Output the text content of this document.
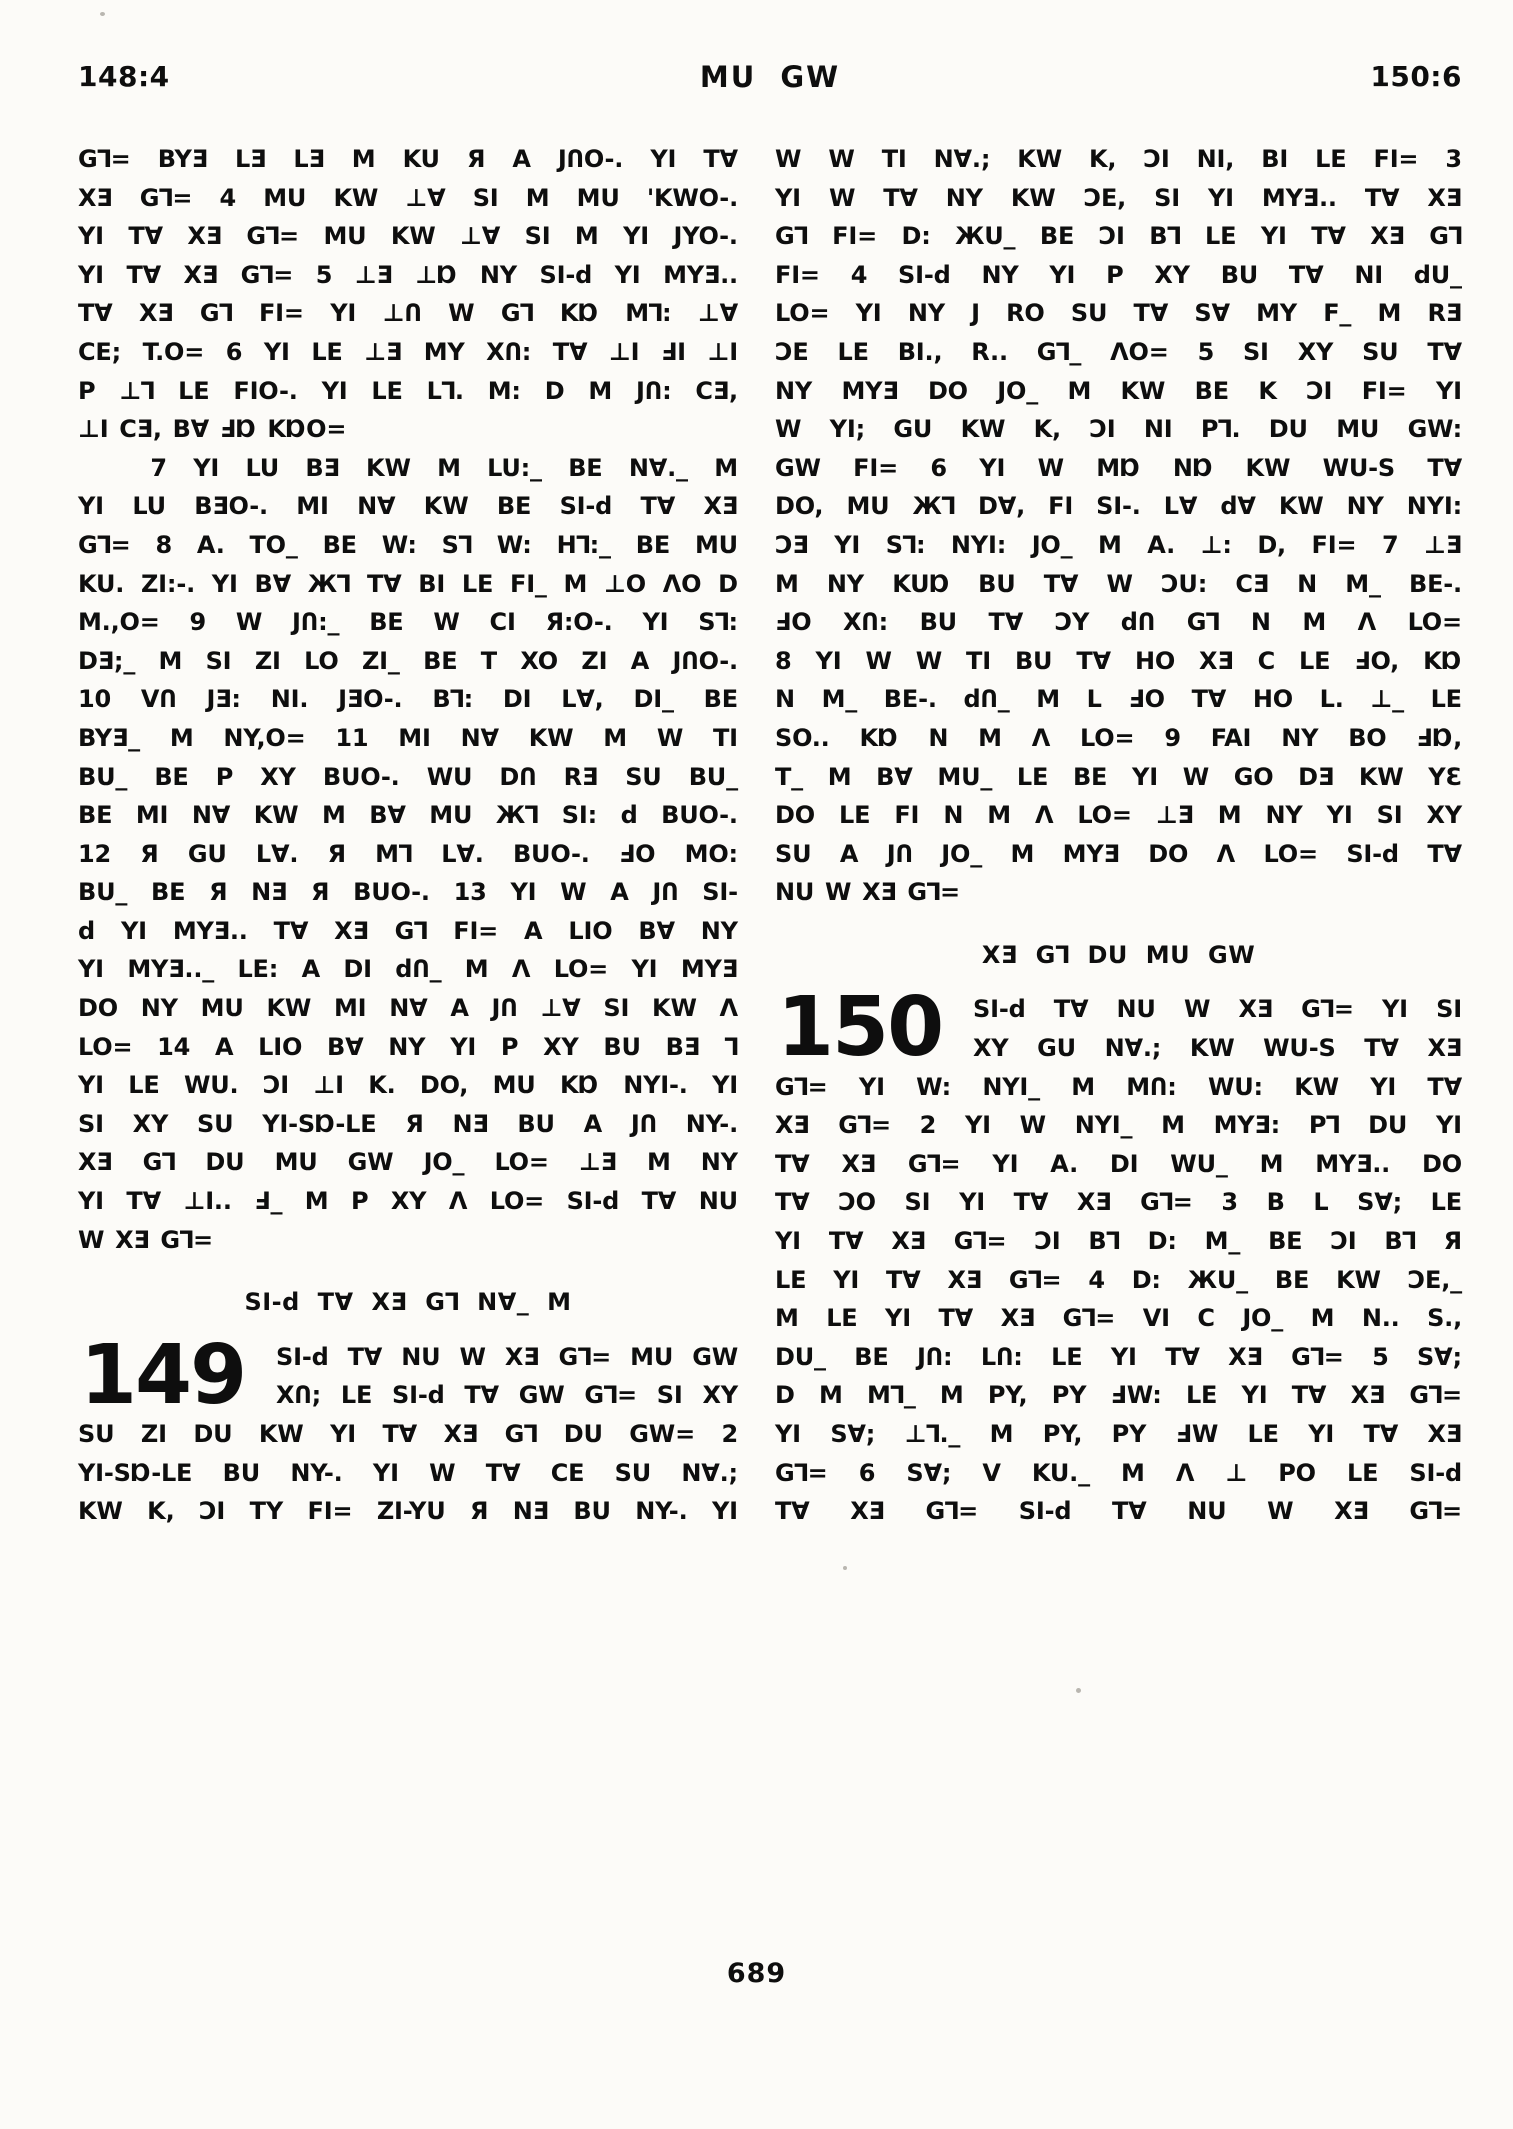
148:4	MU GW	150:6
G⅂= BYƎ LƎ LƎ M KU Я A JՈO-. YI T∀
XƎ G⅂= 4 MU KW ⊥∀ SI M MU 'KWO-.
YI T∀ XƎ G⅂= MU KW ⊥∀ SI M YI JYO-.
YI T∀ XƎ G⅂= 5 ⊥Ǝ ⊥Ɒ NY SI-d YI MYƎ..
T∀ XƎ G⅂ FI= YI ⊥Ո W G⅂ KⱰ M⅂: ⊥∀
CE; T.O= 6 YI LE ⊥Ǝ MY XՈ: T∀ ⊥I ℲI ⊥I
P ⊥⅂ LE FIO-. YI LE L⅂. M: D M JՈ: CƎ,
⊥I CƎ, B∀ ℲⱰ KⱰO=
7 YI LU BƎ KW M LU:_ BE N∀._ M
YI LU BƎO-. MI N∀ KW BE SI-d T∀ XƎ
G⅂= 8 A. TO_ BE W: S⅂ W: H⅂:_ BE MU
KU. ZI:-. YI B∀ Ж⅂ T∀ BI LE FI_ M ⊥O ΛO D
M.,O= 9 W JՈ:_ BE W CI Я:O-. YI S⅂:
DƎ;_ M SI ZI LO ZI_ BE T XO ZI A JՈO-.
10 VՈ JƎ: NI. JƎO-. B⅂: DI L∀, DI_ BE
BYƎ_ M NY,O= 11 MI N∀ KW M W TI
BU_ BE P XY BUO-. WU DՈ RƎ SU BU_
BE MI N∀ KW M B∀ MU Ж⅂ SI: d BUO-.
12 Я GU L∀. Я M⅂ L∀. BUO-. ℲO MO:
BU_ BE Я NƎ Я BUO-. 13 YI W A JՈ SI-
d YI MYƎ.. T∀ XƎ G⅂ FI= A LIO B∀ NY
YI MYƎ.._ LE: A DI dՈ_ M Λ LO= YI MYƎ
DO NY MU KW MI N∀ A JՈ ⊥∀ SI KW Λ
LO= 14 A LIO B∀ NY YI P XY BU BƎ ⅂
YI LE WU. ƆI ⊥I K. DO, MU KⱰ NYI-. YI
SI XY SU YI-SⱰ-LE Я NƎ BU A JՈ NY-.
XƎ G⅂ DU MU GW JO_ LO= ⊥Ǝ M NY
YI T∀ ⊥I.. Ⅎ_ M P XY Λ LO= SI-d T∀ NU
W XƎ G⅂=
SI-d T∀ XƎ G⅂ N∀_ M
149 SI-d T∀ NU W XƎ G⅂= MU GW
XՈ; LE SI-d T∀ GW G⅂= SI XY
SU ZI DU KW YI T∀ XƎ G⅂ DU GW= 2
YI-SⱰ-LE BU NY-. YI W T∀ CE SU N∀.;
KW K, ƆI TY FI= ZI-YU Я NƎ BU NY-. YI
W W TI N∀.; KW K, ƆI NI, BI LE FI= 3
YI W T∀ NY KW ƆE, SI YI MYƎ.. T∀ XƎ
G⅂ FI= D: ЖU_ BE ƆI B⅂ LE YI T∀ XƎ G⅂
FI= 4 SI-d NY YI P XY BU T∀ NI dU_
LO= YI NY J RO SU T∀ S∀ MY F_ M RƎ
ƆE LE BI., R.. G⅂_ ΛO= 5 SI XY SU T∀
NY MYƎ DO JO_ M KW BE K ƆI FI= YI
W YI; GU KW K, ƆI NI P⅂. DU MU GW:
GW FI= 6 YI W MⱰ NⱰ KW WU-S T∀
DO, MU Ж⅂ D∀, FI SI-. L∀ d∀ KW NY NYI:
ƆƎ YI S⅂: NYI: JO_ M A. ⊥: D, FI= 7 ⊥Ǝ
M NY KUⱰ BU T∀ W ƆU: CƎ N M_ BE-.
ℲO XՈ: BU T∀ ƆY dՈ G⅂ N M Λ LO=
8 YI W W TI BU T∀ HO XƎ C LE ℲO, KⱰ
N M_ BE-. dՈ_ M L ℲO T∀ HO L. ⊥_ LE
SO.. KⱰ N M Λ LO= 9 FAI NY BO ℲⱰ,
T_ M B∀ MU_ LE BE YI W GO DƎ KW YƐ
DO LE FI N M Λ LO= ⊥Ǝ M NY YI SI XY
SU A JՈ JO_ M MYƎ DO Λ LO= SI-d T∀
NU W XƎ G⅂=
XƎ G⅂ DU MU GW
150 SI-d T∀ NU W XƎ G⅂= YI SI
XY GU N∀.; KW WU-S T∀ XƎ
G⅂= YI W: NYI_ M MՈ: WU: KW YI T∀
XƎ G⅂= 2 YI W NYI_ M MYƎ: P⅂ DU YI
T∀ XƎ G⅂= YI A. DI WU_ M MYƎ.. DO
T∀ ƆO SI YI T∀ XƎ G⅂= 3 B L S∀; LE
YI T∀ XƎ G⅂= ƆI B⅂ D: M_ BE ƆI B⅂ Я
LE YI T∀ XƎ G⅂= 4 D: ЖU_ BE KW ƆE,_
M LE YI T∀ XƎ G⅂= VI C JO_ M N.. S.,
DU_ BE JՈ: LՈ: LE YI T∀ XƎ G⅂= 5 S∀;
D M M⅂_ M PY, PY ℲW: LE YI T∀ XƎ G⅂=
YI S∀; ⊥⅂._ M PY, PY ℲW LE YI T∀ XƎ
G⅂= 6 S∀; V KU._ M Λ ⊥ PO LE SI-d
T∀ XƎ G⅂= SI-d T∀ NU W XƎ G⅂=
689
